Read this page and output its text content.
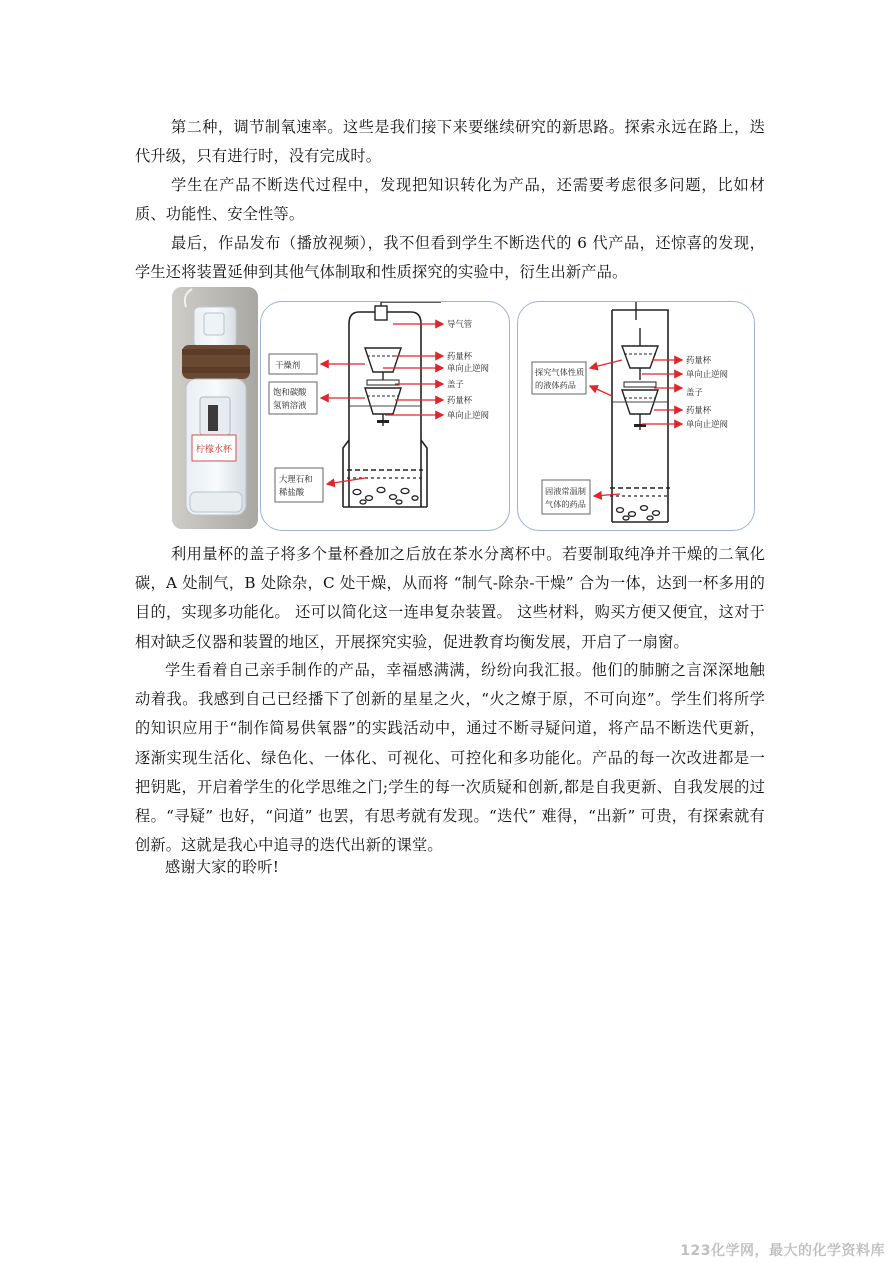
第二种，调节制氧速率。这些是我们接下来要继续研究的新思路。探索永远在路上，迭代升级，只有进行时，没有完成时。

学生在产品不断迭代过程中，发现把知识转化为产品，还需要考虑很多问题，比如材质、功能性、安全性等。

最后，作品发布（播放视频），我不但看到学生不断迭代的 6 代产品，还惊喜的发现，学生还将装置延伸到其他气体制取和性质探究的实验中，衍生出新产品。

柠檬水杯
导气管
药量杯
单向止逆阀
盖子
药量杯
单向止逆阀
干燥剂
饱和碳酸
氢钠溶液
大理石和
稀盐酸
药量杯
单向止逆阀
盖子
药量杯
单向止逆阀
探究气体性质
的液体药品
固液常温制
气体的药品

利用量杯的盖子将多个量杯叠加之后放在茶水分离杯中。若要制取纯净并干燥的二氧化碳，A 处制气，B 处除杂，C 处干燥，从而将 “制气-除杂-干燥” 合为一体，达到一杯多用的目的，实现多功能化。 还可以简化这一连串复杂装置。 这些材料，购买方便又便宜，这对于相对缺乏仪器和装置的地区，开展探究实验，促进教育均衡发展，开启了一扇窗。

学生看着自己亲手制作的产品，幸福感满满，纷纷向我汇报。他们的肺腑之言深深地触动着我。我感到自己已经播下了创新的星星之火，“火之燎于原，不可向迩”。学生们将所学的知识应用于“制作简易供氧器”的实践活动中，通过不断寻疑问道，将产品不断迭代更新，逐渐实现生活化、绿色化、一体化、可视化、可控化和多功能化。产品的每一次改进都是一把钥匙，开启着学生的化学思维之门;学生的每一次质疑和创新,都是自我更新、自我发展的过程。“寻疑” 也好，“问道” 也罢，有思考就有发现。“迭代” 难得，“出新” 可贵，有探索就有创新。这就是我心中追寻的迭代出新的课堂。

感谢大家的聆听!

123化学网，最大的化学资料库
